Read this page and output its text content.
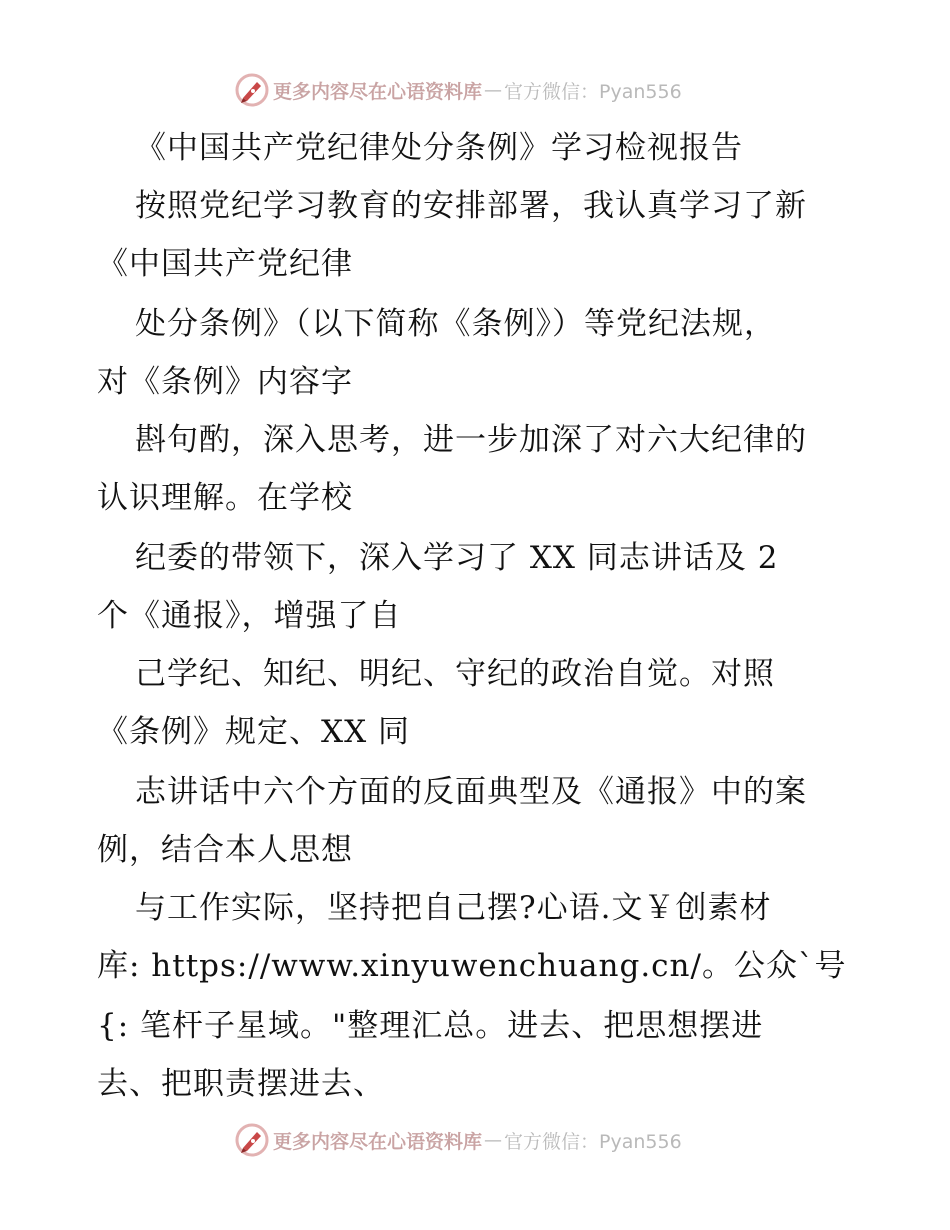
更多内容尽在心语资料库 — 官方微信：Pyan556
《中国共产党纪律处分条例》学习检视报告
按照党纪学习教育的安排部署，我认真学习了新
《中国共产党纪律
处分条例》（以下简称《条例》）等党纪法规，
对《条例》内容字
斟句酌，深入思考，进一步加深了对六大纪律的
认识理解。在学校
纪委的带领下，深入学习了 XX 同志讲话及 2
个《通报》，增强了自
己学纪、知纪、明纪、守纪的政治自觉。对照
《条例》规定、XX 同
志讲话中六个方面的反面典型及《通报》中的案
例，结合本人思想
与工作实际，坚持把自己摆?心语.文￥创素材
库: https://www.xinyuwenchuang.cn/。公众`号
{: 笔杆子星域。"整理汇总。进去、把思想摆进
去、把职责摆进去、
更多内容尽在心语资料库 — 官方微信：Pyan556
